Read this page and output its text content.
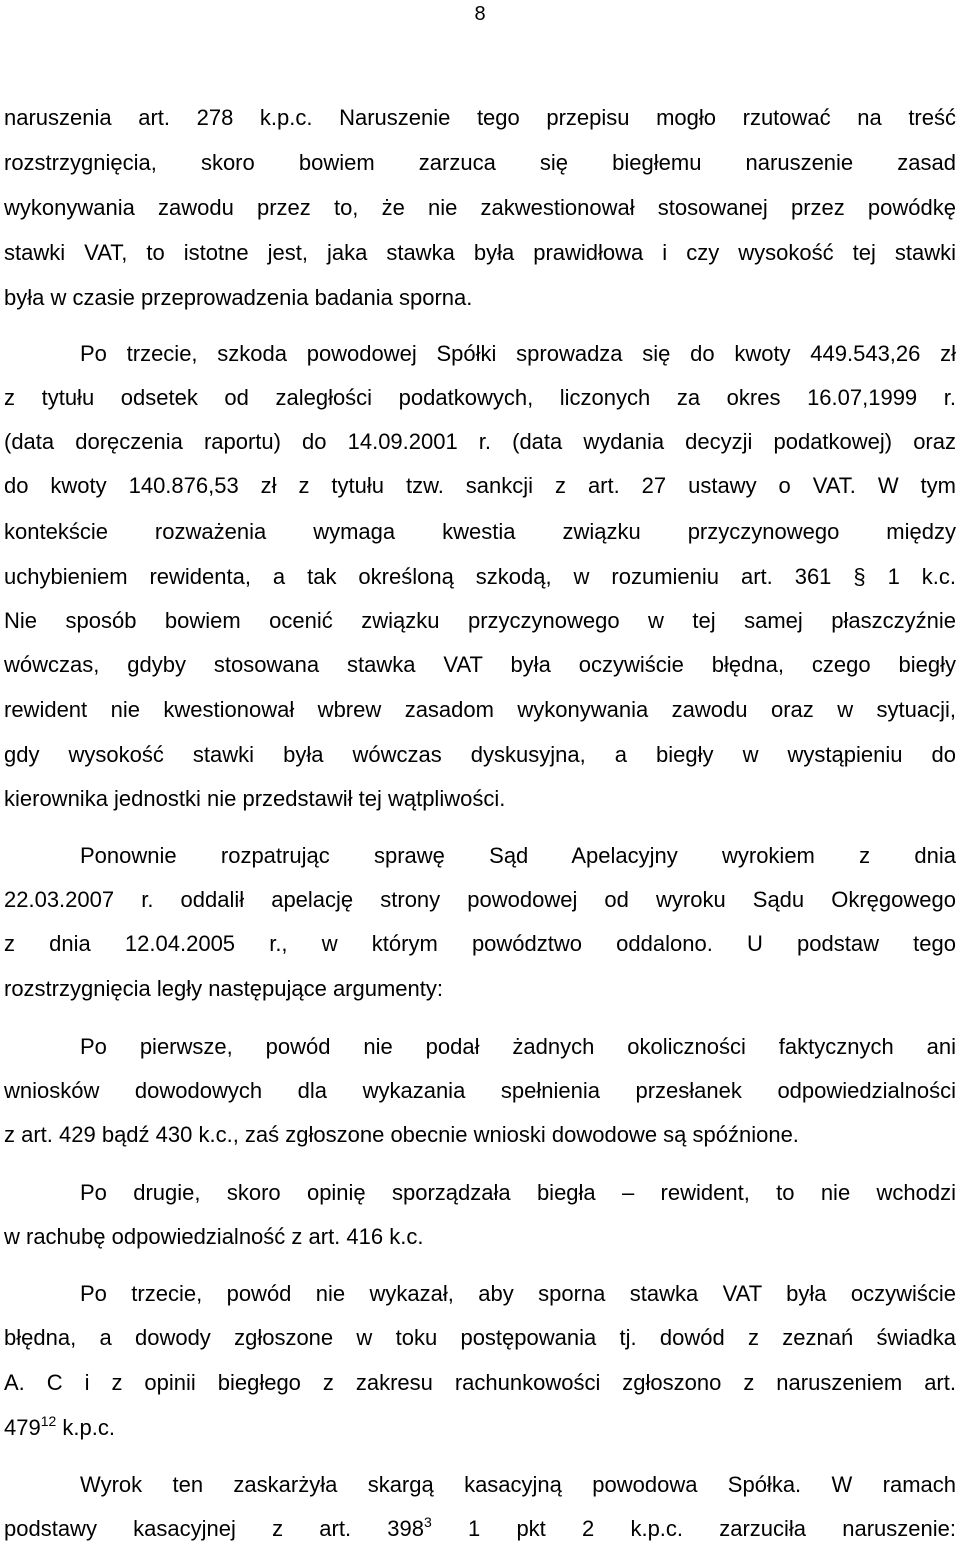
8
naruszenia art. 278 k.p.c. Naruszenie tego przepisu mogło rzutować na treść
rozstrzygnięcia, skoro bowiem zarzuca się biegłemu naruszenie zasad
wykonywania zawodu przez to, że nie zakwestionował stosowanej przez powódkę
stawki VAT, to istotne jest, jaka stawka była prawidłowa i czy wysokość tej stawki
była w czasie przeprowadzenia badania sporna.
Po trzecie, szkoda powodowej Spółki sprowadza się do kwoty 449.543,26 zł
z tytułu odsetek od zaległości podatkowych, liczonych za okres 16.07,1999 r.
(data doręczenia raportu) do 14.09.2001 r. (data wydania decyzji podatkowej) oraz
do kwoty 140.876,53 zł z tytułu tzw. sankcji z art. 27 ustawy o VAT. W tym
kontekście rozważenia wymaga kwestia związku przyczynowego między
uchybieniem rewidenta, a tak określoną szkodą, w rozumieniu art. 361 § 1 k.c.
Nie sposób bowiem ocenić związku przyczynowego w tej samej płaszczyźnie
wówczas, gdyby stosowana stawka VAT była oczywiście błędna, czego biegły
rewident nie kwestionował wbrew zasadom wykonywania zawodu oraz w sytuacji,
gdy wysokość stawki była wówczas dyskusyjna, a biegły w wystąpieniu do
kierownika jednostki nie przedstawił tej wątpliwości.
Ponownie rozpatrując sprawę Sąd Apelacyjny wyrokiem z dnia
22.03.2007 r. oddalił apelację strony powodowej od wyroku Sądu Okręgowego
z dnia 12.04.2005 r., w którym powództwo oddalono. U podstaw tego
rozstrzygnięcia legły następujące argumenty:
Po pierwsze, powód nie podał żadnych okoliczności faktycznych ani
wniosków dowodowych dla wykazania spełnienia przesłanek odpowiedzialności
z art. 429 bądź 430 k.c., zaś zgłoszone obecnie wnioski dowodowe są spóźnione.
Po drugie, skoro opinię sporządzała biegła – rewident, to nie wchodzi
w rachubę odpowiedzialność z art. 416 k.c.
Po trzecie, powód nie wykazał, aby sporna stawka VAT była oczywiście
błędna, a dowody zgłoszone w toku postępowania tj. dowód z zeznań świadka
A. C i z opinii biegłego z zakresu rachunkowości zgłoszono z naruszeniem art.
$479^{12}$ k.p.c.
Wyrok ten zaskarżyła skargą kasacyjną powodowa Spółka. W ramach
podstawy kasacyjnej z art. $398^3$ 1 pkt 2 k.p.c. zarzuciła naruszenie:
